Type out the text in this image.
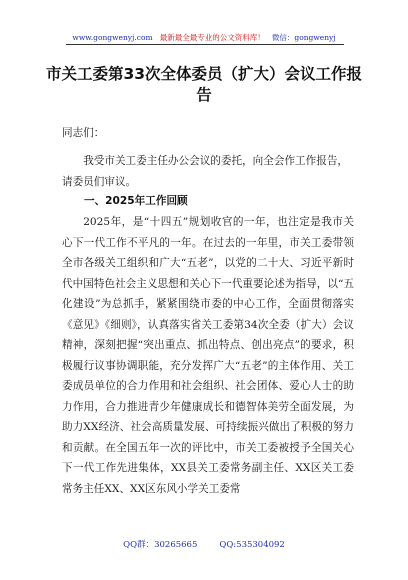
www.gongwenyj.com 最新最全最专业的公文资料库！ 微信：gongwenyj
市关工委第33次全体委员（扩大）会议工作报告
同志们：
我受市关工委主任办公会议的委托，向全会作工作报告，请委员们审议。
一、2025年工作回顾
2025年，是“十四五”规划收官的一年，也注定是我市关心下一代工作不平凡的一年。在过去的一年里，市关工委带领全市各级关工组织和广大“五老”，以党的二十大、习近平新时代中国特色社会主义思想和关心下一代重要论述为指导，以“五化建设”为总抓手，紧紧围绕市委的中心工作，全面贯彻落实《意见》《细则》，认真落实省关工委第34次全委（扩大）会议精神，深刻把握“突出重点、抓出特点、创出亮点”的要求，积极履行议事协调职能，充分发挥广大“五老”的主体作用、关工委成员单位的合力作用和社会组织、社会团体、爱心人士的助力作用，合力推进青少年健康成长和德智体美劳全面发展，为助力XX经济、社会高质量发展、可持续振兴做出了积极的努力和贡献。在全国五年一次的评比中，市关工委被授予全国关心下一代工作先进集体，XX县关工委常务副主任、XX区关工委常务主任XX、XX区东风小学关工委常
QQ群：30265665	QQ:535304092
